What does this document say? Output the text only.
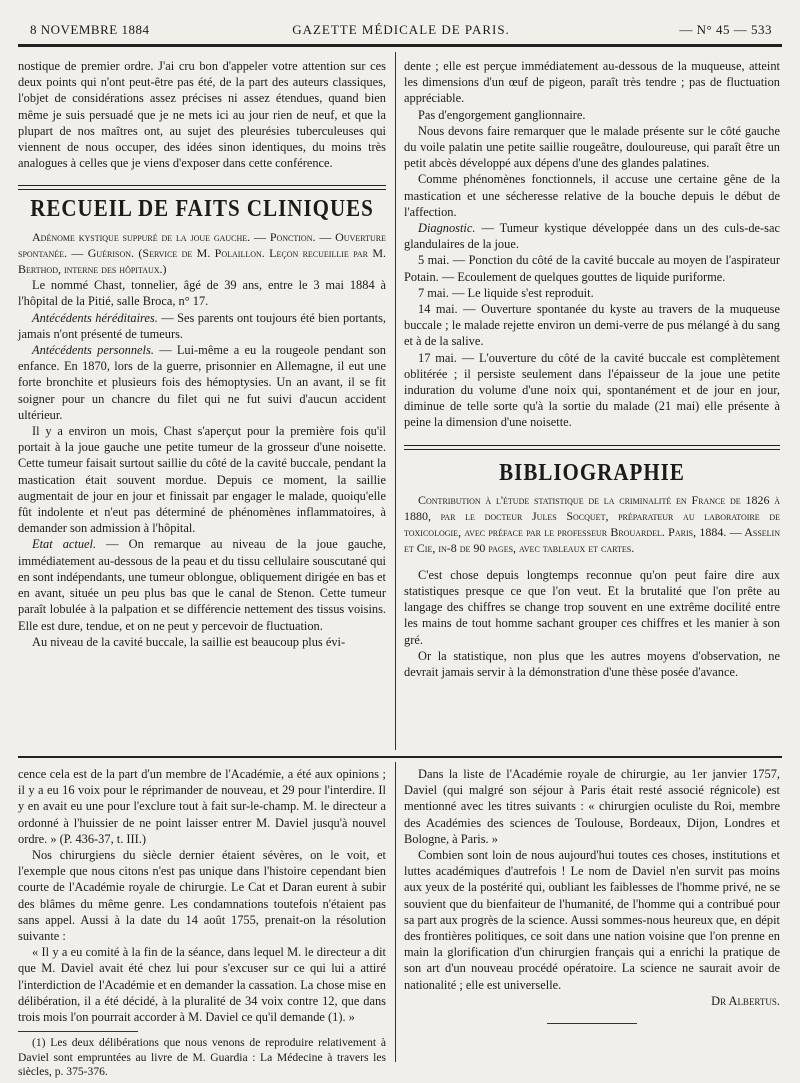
8 NOVEMBRE 1884	GAZETTE MÉDICALE DE PARIS.	— N° 45 — 533

nostique de premier ordre. J'ai cru bon d'appeler votre attention sur ces deux points qui n'ont peut-être pas été, de la part des auteurs classiques, l'objet de considérations assez précises ni assez étendues, quand bien même je suis persuadé que je ne mets ici au jour rien de neuf, et que la plupart de nos maîtres ont, au sujet des pleurésies tuberculeuses qui viennent de nous occuper, des idées sinon identiques, du moins très analogues à celles que je viens d'exposer dans cette conférence.

RECUEIL DE FAITS CLINIQUES

Adénome kystique suppuré de la joue gauche. — Ponction. — Ouverture spontanée. — Guérison. (Service de M. Polaillon. Leçon recueillie par M. Berthod, interne des hôpitaux.)

Le nommé Chast, tonnelier, âgé de 39 ans, entre le 3 mai 1884 à l'hôpital de la Pitié, salle Broca, n° 17.

Antécédents héréditaires. — Ses parents ont toujours été bien portants, jamais n'ont présenté de tumeurs.

Antécédents personnels. — Lui-même a eu la rougeole pendant son enfance. En 1870, lors de la guerre, prisonnier en Allemagne, il eut une forte bronchite et plusieurs fois des hémoptysies. Un an avant, il se fit soigner pour un chancre du filet qui ne fut suivi d'aucun accident ultérieur.

Il y a environ un mois, Chast s'aperçut pour la première fois qu'il portait à la joue gauche une petite tumeur de la grosseur d'une noisette. Cette tumeur faisait surtout saillie du côté de la cavité buccale, pendant la mastication était souvent mordue. Depuis ce moment, la saillie augmentait de jour en jour et finissait par engager le malade, quoiqu'elle fût indolente et n'eut pas déterminé de phénomènes inflammatoires, à demander son admission à l'hôpital.

Etat actuel. — On remarque au niveau de la joue gauche, immédiatement au-dessous de la peau et du tissu cellulaire souscutané qui en sont indépendants, une tumeur oblongue, obliquement dirigée en bas et en avant, située un peu plus bas que le canal de Stenon. Cette tumeur paraît lobulée à la palpation et se différencie nettement des tissus voisins. Elle est dure, tendue, et on ne peut y percevoir de fluctuation.

Au niveau de la cavité buccale, la saillie est beaucoup plus évi-

dente ; elle est perçue immédiatement au-dessous de la muqueuse, atteint les dimensions d'un œuf de pigeon, paraît très tendre ; pas de fluctuation appréciable.

Pas d'engorgement ganglionnaire.

Nous devons faire remarquer que le malade présente sur le côté gauche du voile palatin une petite saillie rougeâtre, douloureuse, qui paraît être un petit abcès développé aux dépens d'une des glandes palatines.

Comme phénomènes fonctionnels, il accuse une certaine gêne de la mastication et une sécheresse relative de la bouche depuis le début de l'affection.

Diagnostic. — Tumeur kystique développée dans un des culs-de-sac glandulaires de la joue.

5 mai. — Ponction du côté de la cavité buccale au moyen de l'aspirateur Potain. — Ecoulement de quelques gouttes de liquide puriforme.

7 mai. — Le liquide s'est reproduit.

14 mai. — Ouverture spontanée du kyste au travers de la muqueuse buccale ; le malade rejette environ un demi-verre de pus mélangé à du sang et à de la salive.

17 mai. — L'ouverture du côté de la cavité buccale est complètement oblitérée ; il persiste seulement dans l'épaisseur de la joue une petite induration du volume d'une noix qui, spontanément et de jour en jour, diminue de telle sorte qu'à la sortie du malade (21 mai) elle présente à peine la dimension d'une noisette.

BIBLIOGRAPHIE

Contribution à l'étude statistique de la criminalité en France de 1826 à 1880, par le docteur Jules Socquet, préparateur au laboratoire de toxicologie, avec préface par le professeur Brouardel. Paris, 1884. — Asselin et Cie, in-8 de 90 pages, avec tableaux et cartes.

C'est chose depuis longtemps reconnue qu'on peut faire dire aux statistiques presque ce que l'on veut. Et la brutalité que l'on prête au langage des chiffres se change trop souvent en une extrême docilité entre les mains de tout homme sachant grouper ces chiffres et les manier à son gré.

Or la statistique, non plus que les autres moyens d'observation, ne devrait jamais servir à la démonstration d'une thèse posée d'avance.

cence cela est de la part d'un membre de l'Académie, a été aux opinions ; il y a eu 16 voix pour le réprimander de nouveau, et 29 pour l'interdire. Il y en avait eu une pour l'exclure tout à fait sur-le-champ. M. le directeur a ordonné à l'huissier de ne point laisser entrer M. Daviel jusqu'à nouvel ordre. » (P. 436-37, t. III.)

Nos chirurgiens du siècle dernier étaient sévères, on le voit, et l'exemple que nous citons n'est pas unique dans l'histoire cependant bien courte de l'Académie royale de chirurgie. Le Cat et Daran eurent à subir des blâmes du même genre. Les condamnations toutefois n'étaient pas sans appel. Aussi à la date du 14 août 1755, prenait-on la résolution suivante :

« Il y a eu comité à la fin de la séance, dans lequel M. le directeur a dit que M. Daviel avait été chez lui pour s'excuser sur ce qui lui a attiré l'interdiction de l'Académie et en demander la cassation. La chose mise en délibération, il a été décidé, à la pluralité de 34 voix contre 12, que dans trois mois l'on pourrait accorder à M. Daviel ce qu'il demande (1). »

(1) Les deux délibérations que nous venons de reproduire relativement à Daviel sont empruntées au livre de M. Guardia : La Médecine à travers les siècles, p. 375-376.

Dans la liste de l'Académie royale de chirurgie, au 1er janvier 1757, Daviel (qui malgré son séjour à Paris était resté associé régnicole) est mentionné avec les titres suivants : « chirurgien oculiste du Roi, membre des Académies des sciences de Toulouse, Bordeaux, Dijon, Londres et Bologne, à Paris. »

Combien sont loin de nous aujourd'hui toutes ces choses, institutions et luttes académiques d'autrefois ! Le nom de Daviel n'en survit pas moins aux yeux de la postérité qui, oubliant les faiblesses de l'homme privé, ne se souvient que du bienfaiteur de l'humanité, de l'homme qui a contribué pour sa part aux progrès de la science. Aussi sommes-nous heureux que, en dépit des frontières politiques, ce soit dans une nation voisine que l'on prenne en main la glorification d'un chirurgien français qui a enrichi la pratique de son art d'un nouveau procédé opératoire. La science ne saurait avoir de nationalité ; elle est universelle.

Dr Albertus.
